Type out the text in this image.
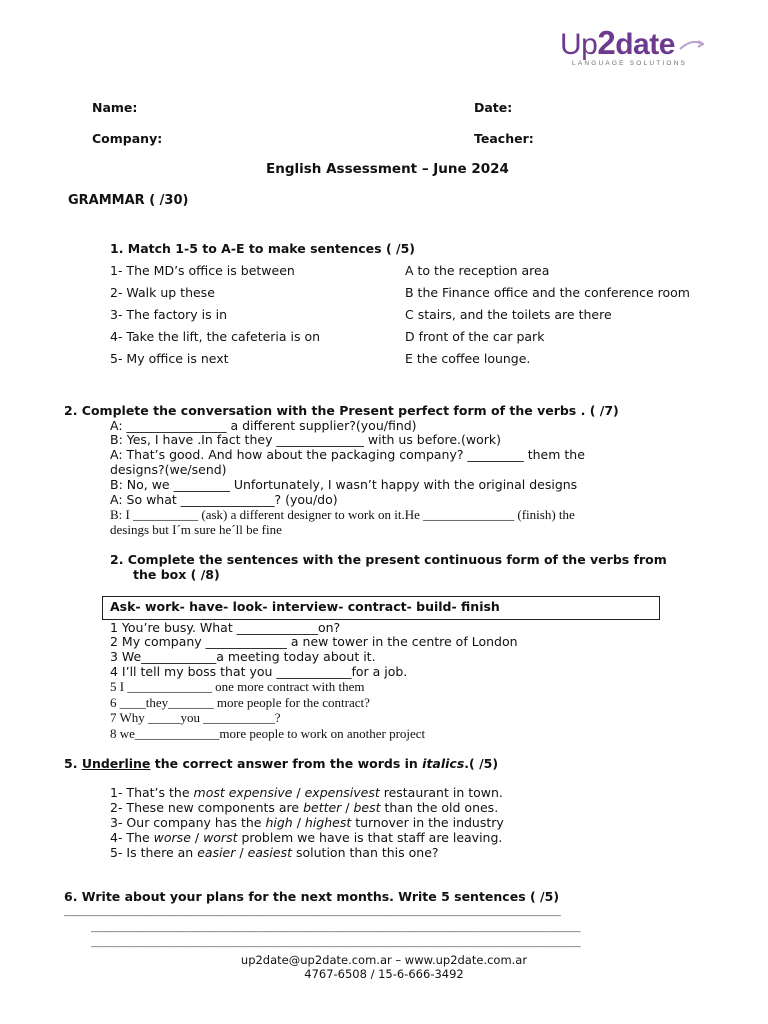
Up2date
LANGUAGE SOLUTIONS
Name:	Date:
Company:	Teacher:
English Assessment – June 2024
GRAMMAR ( /30)
1. Match 1-5 to A-E to make sentences ( /5)
1- The MD’s office is between
2- Walk up these
3- The factory is in
4- Take the lift, the cafeteria is on
5- My office is next
A to the reception area
B the Finance office and the conference room
C stairs, and the toilets are there
D front of the car park
E the coffee lounge.
2. Complete the conversation with the Present perfect form of the verbs . ( /7)
A: ________________ a different supplier?(you/find)
B: Yes, I have .In fact they ______________ with us before.(work)
A: That’s good. And how about the packaging company? _________ them the
designs?(we/send)
B: No, we _________ Unfortunately, I wasn’t happy with the original designs
A: So what _______________? (you/do)
B: I __________ (ask) a different designer to work on it.He ______________ (finish) the
desings but I´m sure he´ll be fine
2. Complete the sentences with the present continuous form of the verbs from
the box ( /8)
Ask- work- have- look- interview- contract- build- finish
1 You’re busy. What _____________on?
2 My company _____________ a new tower in the centre of London
3 We____________a meeting today about it.
4 I’ll tell my boss that you ____________for a job.
5 I _____________ one more contract with them
6 ____they_______ more people for the contract?
7 Why _____you ___________?
8 we_____________more people to work on another project
5. Underline the correct answer from the words in italics.( /5)
1- That’s the most expensive / expensivest restaurant in town.
2- These new components are better / best than the old ones.
3- Our company has the high / highest turnover in the industry
4- The worse / worst problem we have is that staff are leaving.
5- Is there an easier / easiest solution than this one?
6. Write about your plans for the next months. Write 5 sentences ( /5)
_____________________________________________________________________
____________________________________________________________________
____________________________________________________________________
up2date@up2date.com.ar – www.up2date.com.ar
4767-6508 / 15-6-666-3492
